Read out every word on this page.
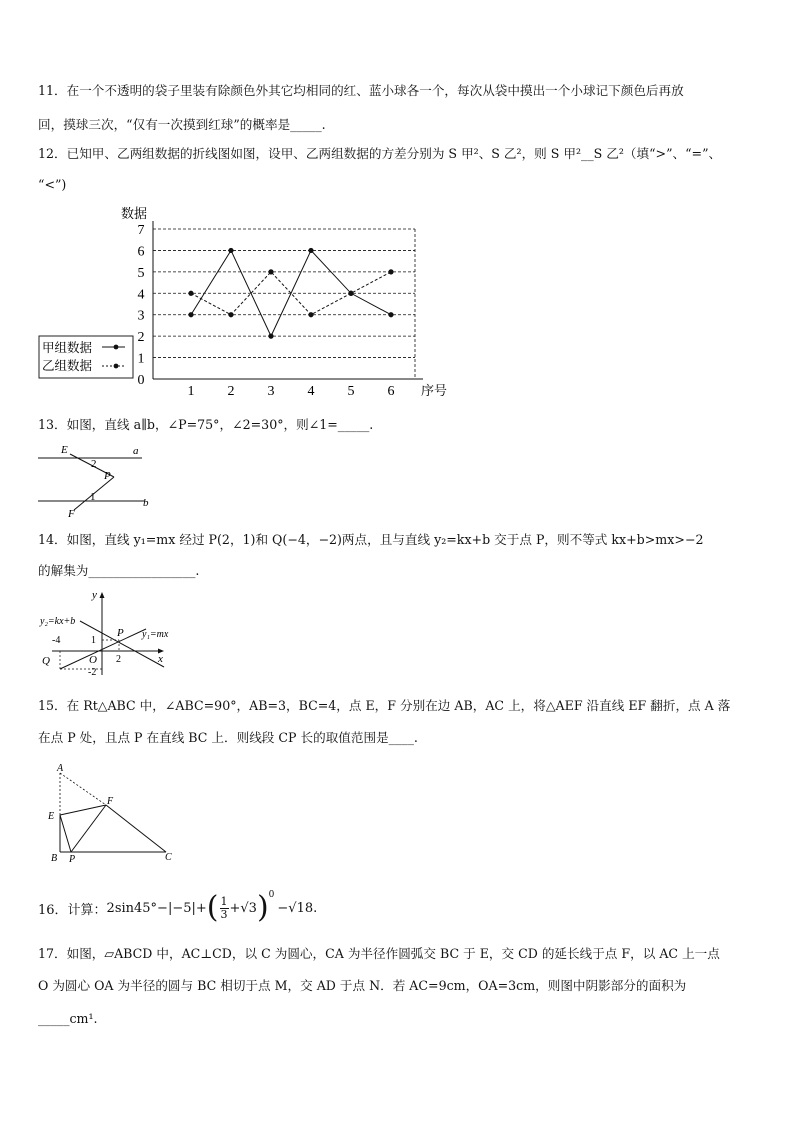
11．在一个不透明的袋子里装有除颜色外其它均相同的红、蓝小球各一个，每次从袋中摸出一个小球记下颜色后再放
回，摸球三次，“仅有一次摸到红球”的概率是_____.
12．已知甲、乙两组数据的折线图如图，设甲、乙两组数据的方差分别为 S 甲²、S 乙²，则 S 甲²__S 乙²（填“>”、“=”、
“<”)
0
1
2
3
4
5
6
7
1 2 3 4 5 6
数据
序号
甲组数据
乙组数据
13．如图，直线 a∥b，∠P=75°，∠2=30°，则∠1=_____.
E	a
2
P
1	b
F
14．如图，直线 y₁=mx 经过 P(2，1)和 Q(−4，−2)两点，且与直线 y₂=kx+b 交于点 P，则不等式 kx+b>mx>−2
的解集为_________________.
y
x
y₂=kx+b
y₁=mx
P
Q	O
-4	1
2
-2
15．在 Rt△ABC 中，∠ABC=90°，AB=3，BC=4，点 E，F 分别在边 AB，AC 上，将△AEF 沿直线 EF 翻折，点 A 落
在点 P 处，且点 P 在直线 BC 上．则线段 CP 长的取值范围是____.
A
E
F
B P	C
16．计算： 2sin45°−|−5|+ ( 1
3 +√3 ) 0
−√18 .
17．如图，▱ABCD 中，AC⊥CD，以 C 为圆心，CA 为半径作圆弧交 BC 于 E，交 CD 的延长线于点 F，以 AC 上一点
O 为圆心 OA 为半径的圆与 BC 相切于点 M，交 AD 于点 N．若 AC=9cm，OA=3cm，则图中阴影部分的面积为
_____cm¹.
